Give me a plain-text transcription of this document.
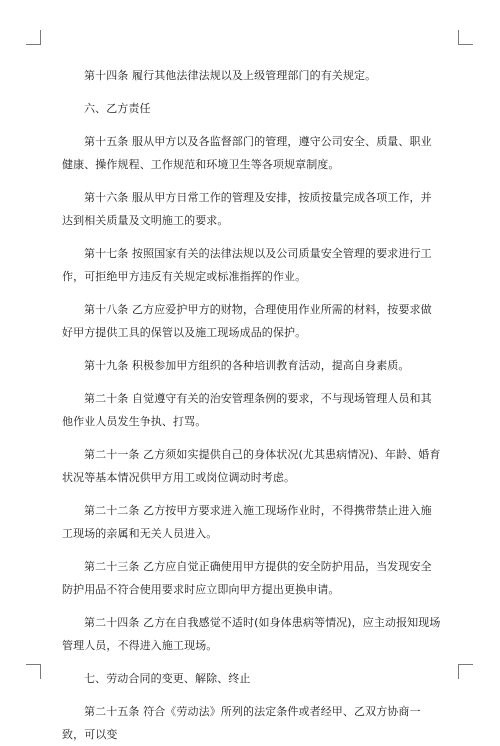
第十四条 履行其他法律法规以及上级管理部门的有关规定。

六、乙方责任

第十五条 服从甲方以及各监督部门的管理，遵守公司安全、质量、职业健康、操作规程、工作规范和环境卫生等各项规章制度。

第十六条 服从甲方日常工作的管理及安排，按质按量完成各项工作，并达到相关质量及文明施工的要求。

第十七条 按照国家有关的法律法规以及公司质量安全管理的要求进行工作，可拒绝甲方违反有关规定或标准指挥的作业。

第十八条 乙方应爱护甲方的财物，合理使用作业所需的材料，按要求做好甲方提供工具的保管以及施工现场成品的保护。

第十九条 积极参加甲方组织的各种培训教育活动，提高自身素质。

第二十条 自觉遵守有关的治安管理条例的要求，不与现场管理人员和其他作业人员发生争执、打骂。

第二十一条 乙方须如实提供自己的身体状况(尤其患病情况)、年龄、婚育状况等基本情况供甲方用工或岗位调动时考虑。

第二十二条 乙方按甲方要求进入施工现场作业时，不得携带禁止进入施工现场的亲属和无关人员进入。

第二十三条 乙方应自觉正确使用甲方提供的安全防护用品，当发现安全防护用品不符合使用要求时应立即向甲方提出更换申请。

第二十四条 乙方在自我感觉不适时(如身体患病等情况)，应主动报知现场管理人员，不得进入施工现场。

七、劳动合同的变更、解除、终止

第二十五条 符合《劳动法》所列的法定条件或者经甲、乙双方协商一致，可以变
